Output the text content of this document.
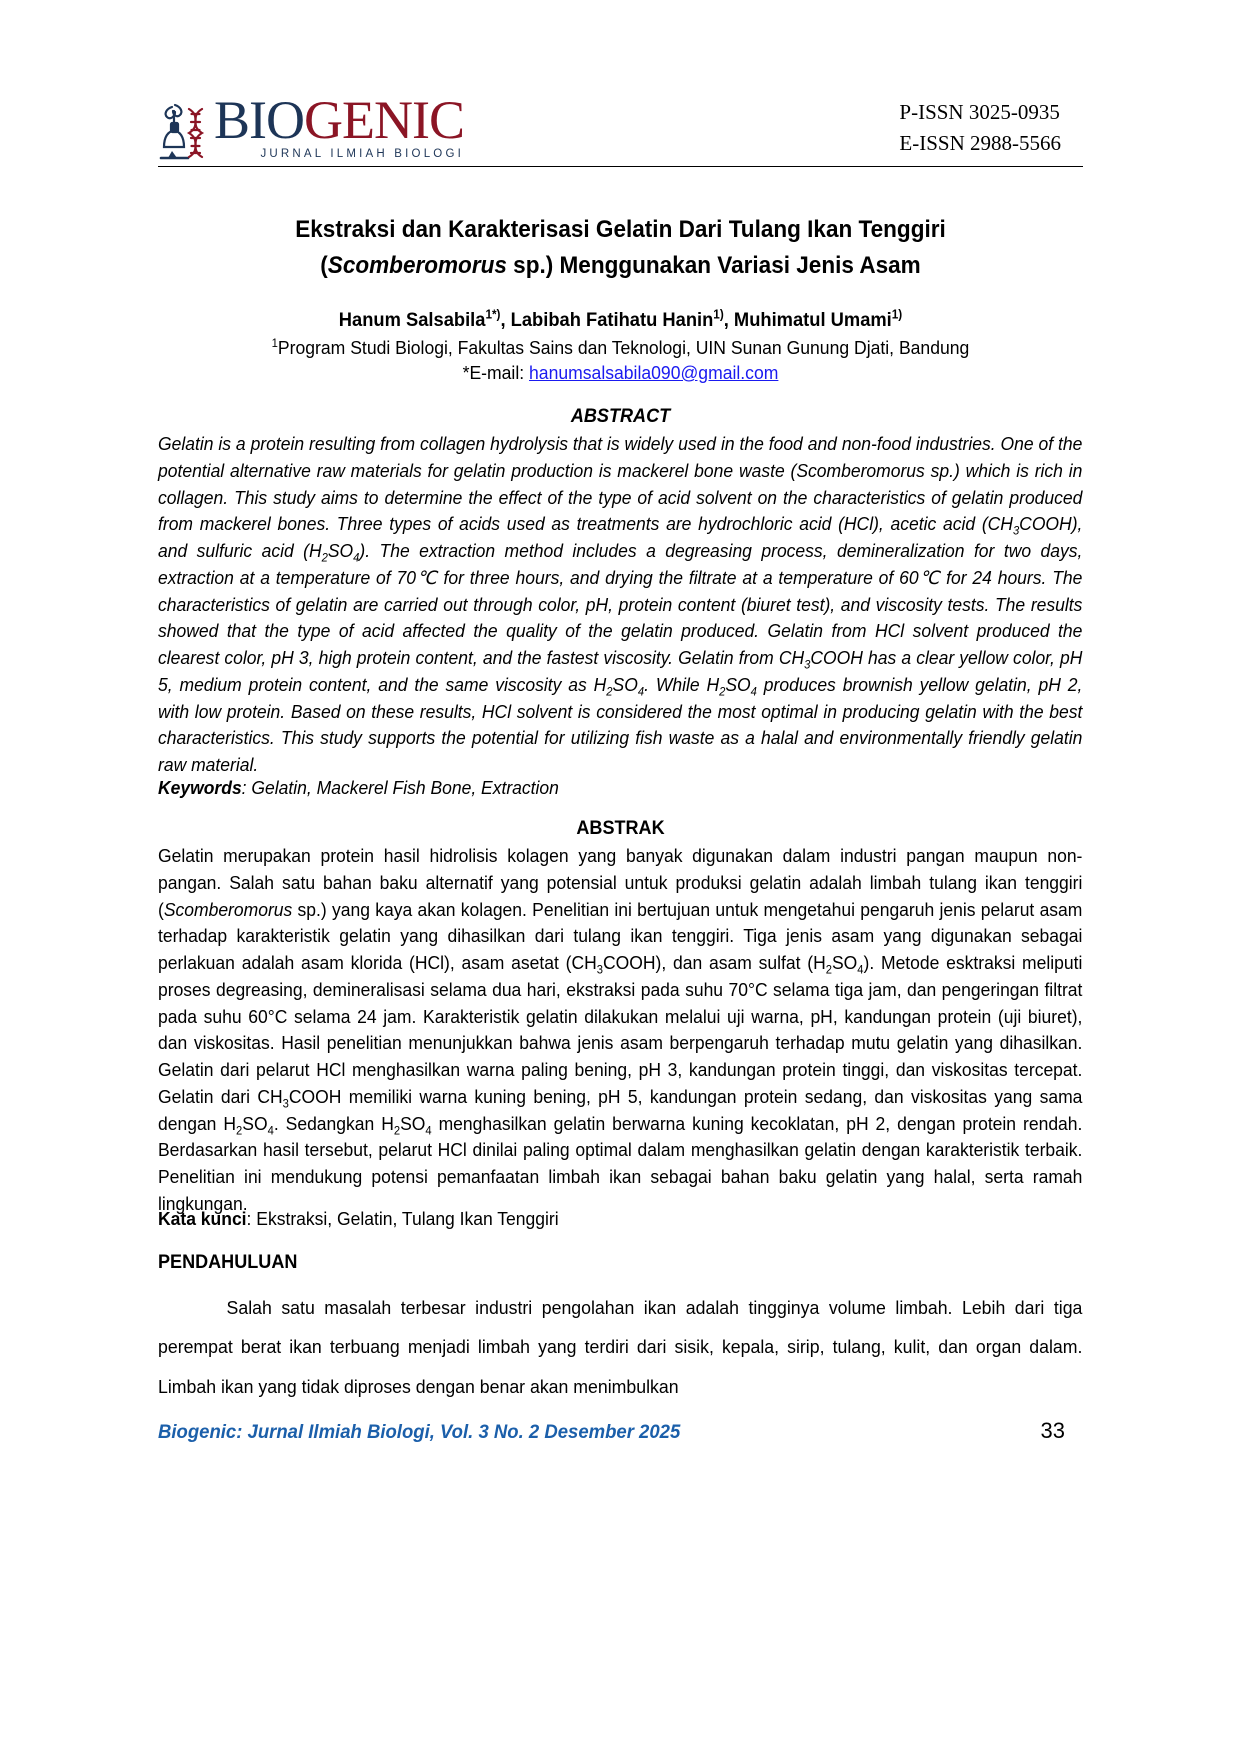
BIOGENIC
JURNAL ILMIAH BIOLOGI
P-ISSN 3025-0935
E-ISSN 2988-5566
Ekstraksi dan Karakterisasi Gelatin Dari Tulang Ikan Tenggiri
(Scomberomorus sp.) Menggunakan Variasi Jenis Asam
Hanum Salsabila$^{1*)}$, Labibah Fatihatu Hanin$^{1)}$, Muhimatul Umami$^{1)}$
$^1$Program Studi Biologi, Fakultas Sains dan Teknologi, UIN Sunan Gunung Djati, Bandung
*E-mail: hanumsalsabila090@gmail.com
ABSTRACT
Gelatin is a protein resulting from collagen hydrolysis that is widely used in the food and non-food industries. One of the potential alternative raw materials for gelatin production is mackerel bone waste (Scomberomorus sp.) which is rich in collagen. This study aims to determine the effect of the type of acid solvent on the characteristics of gelatin produced from mackerel bones. Three types of acids used as treatments are hydrochloric acid (HCl), acetic acid $(CH_3COOH)$, and sulfuric acid $(H_2SO_4)$. The extraction method includes a degreasing process, demineralization for two days, extraction at a temperature of 70℃ for three hours, and drying the filtrate at a temperature of 60℃ for 24 hours. The characteristics of gelatin are carried out through color, pH, protein content (biuret test), and viscosity tests. The results showed that the type of acid affected the quality of the gelatin produced. Gelatin from HCl solvent produced the clearest color, pH 3, high protein content, and the fastest viscosity. Gelatin from $CH_3COOH$ has a clear yellow color, pH 5, medium protein content, and the same viscosity as $H_2SO_4$. While $H_2SO_4$ produces brownish yellow gelatin, pH 2, with low protein. Based on these results, HCl solvent is considered the most optimal in producing gelatin with the best characteristics. This study supports the potential for utilizing fish waste as a halal and environmentally friendly gelatin raw material.
Keywords: Gelatin, Mackerel Fish Bone, Extraction
ABSTRAK
Gelatin merupakan protein hasil hidrolisis kolagen yang banyak digunakan dalam industri pangan maupun non-pangan. Salah satu bahan baku alternatif yang potensial untuk produksi gelatin adalah limbah tulang ikan tenggiri (Scomberomorus sp.) yang kaya akan kolagen. Penelitian ini bertujuan untuk mengetahui pengaruh jenis pelarut asam terhadap karakteristik gelatin yang dihasilkan dari tulang ikan tenggiri. Tiga jenis asam yang digunakan sebagai perlakuan adalah asam klorida (HCl), asam asetat $(CH_3COOH)$, dan asam sulfat $(H_2SO_4)$. Metode esktraksi meliputi proses degreasing, demineralisasi selama dua hari, ekstraksi pada suhu 70°C selama tiga jam, dan pengeringan filtrat pada suhu 60°C selama 24 jam. Karakteristik gelatin dilakukan melalui uji warna, pH, kandungan protein (uji biuret), dan viskositas. Hasil penelitian menunjukkan bahwa jenis asam berpengaruh terhadap mutu gelatin yang dihasilkan. Gelatin dari pelarut HCl menghasilkan warna paling bening, pH 3, kandungan protein tinggi, dan viskositas tercepat. Gelatin dari $CH_3COOH$ memiliki warna kuning bening, pH 5, kandungan protein sedang, dan viskositas yang sama dengan $H_2SO_4$. Sedangkan $H_2SO_4$ menghasilkan gelatin berwarna kuning kecoklatan, pH 2, dengan protein rendah. Berdasarkan hasil tersebut, pelarut HCl dinilai paling optimal dalam menghasilkan gelatin dengan karakteristik terbaik. Penelitian ini mendukung potensi pemanfaatan limbah ikan sebagai bahan baku gelatin yang halal, serta ramah lingkungan.
Kata kunci: Ekstraksi, Gelatin, Tulang Ikan Tenggiri
PENDAHULUAN
Salah satu masalah terbesar industri pengolahan ikan adalah tingginya volume limbah. Lebih dari tiga perempat berat ikan terbuang menjadi limbah yang terdiri dari sisik, kepala, sirip, tulang, kulit, dan organ dalam. Limbah ikan yang tidak diproses dengan benar akan menimbulkan
Biogenic: Jurnal Ilmiah Biologi, Vol. 3 No. 2 Desember 2025	33
